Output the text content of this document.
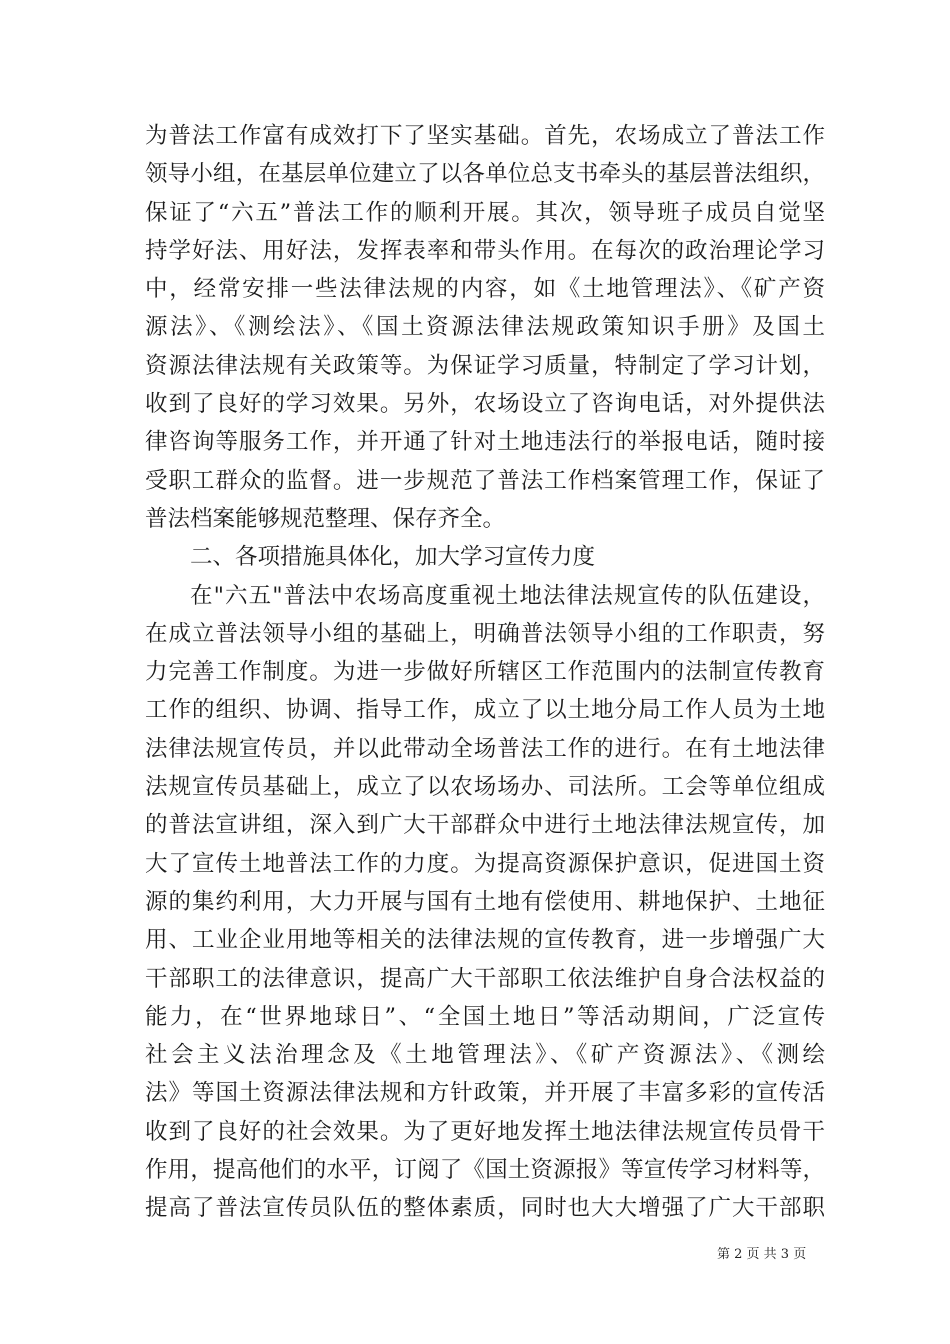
为普法工作富有成效打下了坚实基础。首先，农场成立了普法工作
领导小组，在基层单位建立了以各单位总支书牵头的基层普法组织，
保证了“六五”普法工作的顺利开展。其次，领导班子成员自觉坚
持学好法、用好法，发挥表率和带头作用。在每次的政治理论学习
中，经常安排一些法律法规的内容，如《土地管理法》、《矿产资
源法》、《测绘法》、《国土资源法律法规政策知识手册》及国土
资源法律法规有关政策等。为保证学习质量，特制定了学习计划，
收到了良好的学习效果。另外，农场设立了咨询电话，对外提供法
律咨询等服务工作，并开通了针对土地违法行的举报电话，随时接
受职工群众的监督。进一步规范了普法工作档案管理工作，保证了
普法档案能够规范整理、保存齐全。
二、各项措施具体化，加大学习宣传力度
在"六五"普法中农场高度重视土地法律法规宣传的队伍建设，
在成立普法领导小组的基础上，明确普法领导小组的工作职责，努
力完善工作制度。为进一步做好所辖区工作范围内的法制宣传教育
工作的组织、协调、指导工作，成立了以土地分局工作人员为土地
法律法规宣传员，并以此带动全场普法工作的进行。在有土地法律
法规宣传员基础上，成立了以农场场办、司法所。工会等单位组成
的普法宣讲组，深入到广大干部群众中进行土地法律法规宣传，加
大了宣传土地普法工作的力度。为提高资源保护意识，促进国土资
源的集约利用，大力开展与国有土地有偿使用、耕地保护、土地征
用、工业企业用地等相关的法律法规的宣传教育，进一步增强广大
干部职工的法律意识，提高广大干部职工依法维护自身合法权益的
能力，在“世界地球日”、“全国土地日”等活动期间，广泛宣传
社会主义法治理念及《土地管理法》、《矿产资源法》、《测绘
法》等国土资源法律法规和方针政策，并开展了丰富多彩的宣传活
收到了良好的社会效果。为了更好地发挥土地法律法规宣传员骨干
作用，提高他们的水平，订阅了《国土资源报》等宣传学习材料等，
提高了普法宣传员队伍的整体素质，同时也大大增强了广大干部职
第 2 页 共 3 页
